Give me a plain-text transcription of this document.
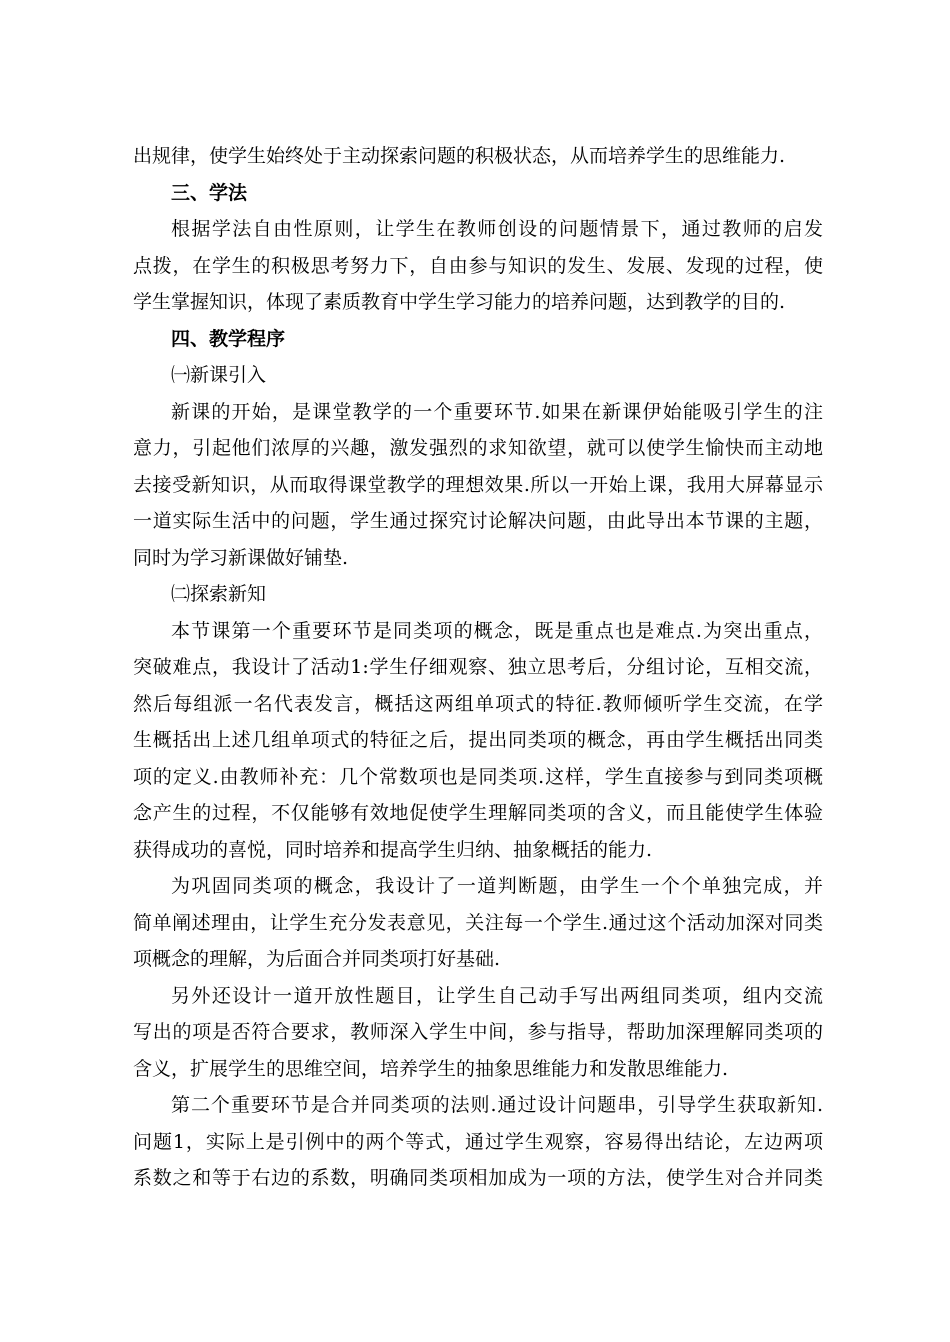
出规律，使学生始终处于主动探索问题的积极状态，从而培养学生的思维能力.
三、学法
根据学法自由性原则，让学生在教师创设的问题情景下，通过教师的启发
点拨，在学生的积极思考努力下，自由参与知识的发生、发展、发现的过程，使
学生掌握知识，体现了素质教育中学生学习能力的培养问题，达到教学的目的.
四、教学程序
㈠新课引入
新课的开始，是课堂教学的一个重要环节.如果在新课伊始能吸引学生的注
意力，引起他们浓厚的兴趣，激发强烈的求知欲望，就可以使学生愉快而主动地
去接受新知识，从而取得课堂教学的理想效果.所以一开始上课，我用大屏幕显示
一道实际生活中的问题，学生通过探究讨论解决问题，由此导出本节课的主题，
同时为学习新课做好铺垫.
㈡探索新知
本节课第一个重要环节是同类项的概念，既是重点也是难点.为突出重点，
突破难点，我设计了活动1:学生仔细观察、独立思考后，分组讨论，互相交流，
然后每组派一名代表发言，概括这两组单项式的特征.教师倾听学生交流，在学
生概括出上述几组单项式的特征之后，提出同类项的概念，再由学生概括出同类
项的定义.由教师补充：几个常数项也是同类项.这样，学生直接参与到同类项概
念产生的过程，不仅能够有效地促使学生理解同类项的含义，而且能使学生体验
获得成功的喜悦，同时培养和提高学生归纳、抽象概括的能力.
为巩固同类项的概念，我设计了一道判断题，由学生一个个单独完成，并
简单阐述理由，让学生充分发表意见，关注每一个学生.通过这个活动加深对同类
项概念的理解，为后面合并同类项打好基础.
另外还设计一道开放性题目，让学生自己动手写出两组同类项，组内交流
写出的项是否符合要求，教师深入学生中间，参与指导，帮助加深理解同类项的
含义，扩展学生的思维空间，培养学生的抽象思维能力和发散思维能力.
第二个重要环节是合并同类项的法则.通过设计问题串，引导学生获取新知.
问题1，实际上是引例中的两个等式，通过学生观察，容易得出结论，左边两项
系数之和等于右边的系数，明确同类项相加成为一项的方法，使学生对合并同类
